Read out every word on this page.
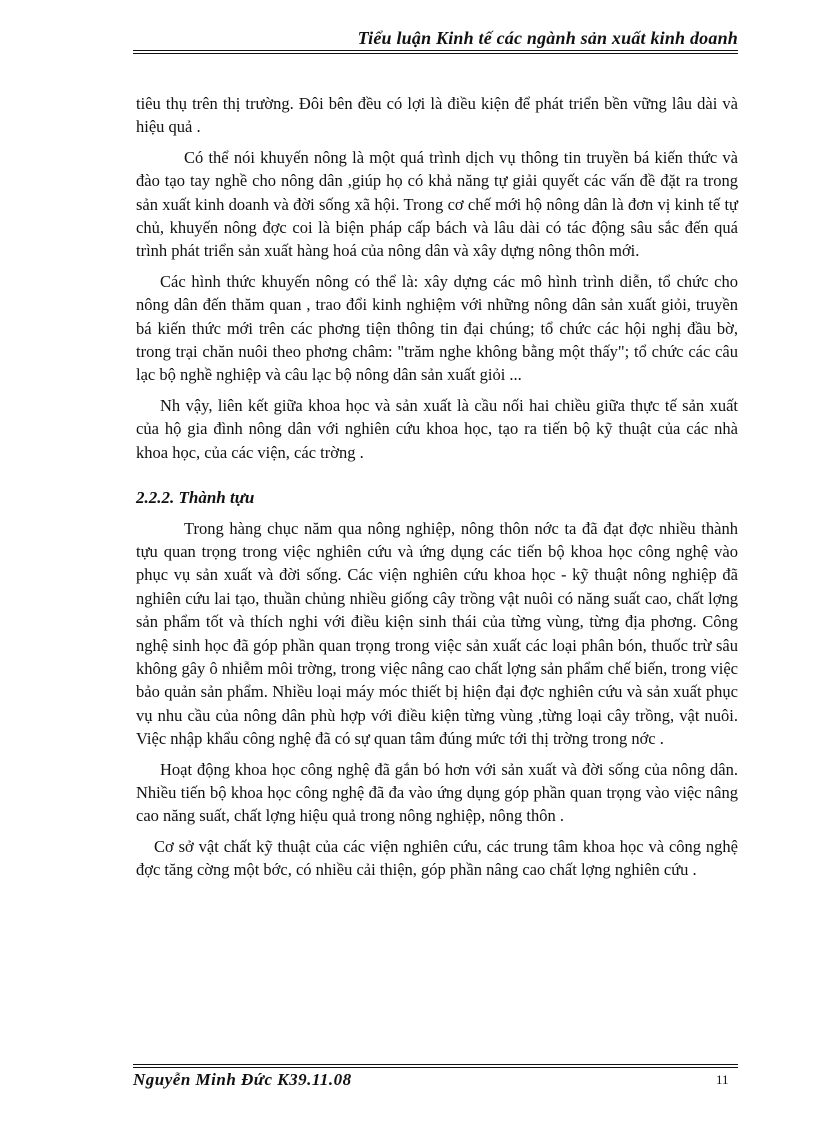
Tiểu luận Kinh tế các ngành sản xuất kinh doanh

tiêu thụ trên thị trường. Đôi bên đều có lợi là điều kiện để phát triển bền vững lâu dài và hiệu quả .

Có thể nói khuyến nông là một quá trình dịch vụ thông tin truyền bá kiến thức và đào tạo tay nghề cho nông dân ,giúp họ có khả năng tự giải quyết các vấn đề đặt ra trong sản xuất kinh doanh và đời sống xã hội. Trong cơ chế mới hộ nông dân là đơn vị kinh tế tự chủ, khuyến nông đợc coi là biện pháp cấp bách và lâu dài có tác động sâu sắc đến quá trình phát triển sản xuất hàng hoá của nông dân và xây dựng nông thôn mới.

Các hình thức khuyến nông có thể là: xây dựng các mô hình trình diễn, tổ chức cho nông dân đến thăm quan , trao đổi kinh nghiệm với những nông dân sản xuất giỏi, truyền bá kiến thức mới trên các phơng tiện thông tin đại chúng; tổ chức các hội nghị đầu bờ, trong trại chăn nuôi theo phơng châm: "trăm nghe không bằng một thấy"; tổ chức các câu lạc bộ nghề nghiệp và câu lạc bộ nông dân sản xuất giỏi ...

Nh vậy, liên kết giữa khoa học và sản xuất là cầu nối hai chiều giữa thực tế sản xuất của hộ gia đình nông dân với nghiên cứu khoa học, tạo ra tiến bộ kỹ thuật của các nhà khoa học, của các viện, các trờng .

2.2.2. Thành tựu

Trong hàng chục năm qua nông nghiệp, nông thôn nớc ta đã đạt đợc nhiều thành tựu quan trọng trong việc nghiên cứu và ứng dụng các tiến bộ khoa học công nghệ vào phục vụ sản xuất và đời sống. Các viện nghiên cứu khoa học - kỹ thuật nông nghiệp đã nghiên cứu lai tạo, thuần chủng nhiều giống cây trồng vật nuôi có năng suất cao, chất lợng sản phẩm tốt và thích nghi với điều kiện sinh thái của từng vùng, từng địa phơng. Công nghệ sinh học đã góp phần quan trọng trong việc sản xuất các loại phân bón, thuốc trừ sâu không gây ô nhiễm môi trờng, trong việc nâng cao chất lợng sản phẩm chế biến, trong việc bảo quản sản phẩm. Nhiều loại máy móc thiết bị hiện đại đợc nghiên cứu và sản xuất phục vụ nhu cầu của nông dân phù hợp với điều kiện từng vùng ,từng loại cây trồng, vật nuôi. Việc nhập khẩu công nghệ đã có sự quan tâm đúng mức tới thị trờng trong nớc .

Hoạt động khoa học công nghệ đã gắn bó hơn với sản xuất và đời sống của nông dân. Nhiều tiến bộ khoa học công nghệ đã đa vào ứng dụng góp phần quan trọng vào việc nâng cao năng suất, chất lợng hiệu quả trong nông nghiệp, nông thôn .

Cơ sở vật chất kỹ thuật của các viện nghiên cứu, các trung tâm khoa học và công nghệ đợc tăng cờng một bớc, có nhiều cải thiện, góp phần nâng cao chất lợng nghiên cứu .

Nguyễn Minh Đức K39.11.08	11
